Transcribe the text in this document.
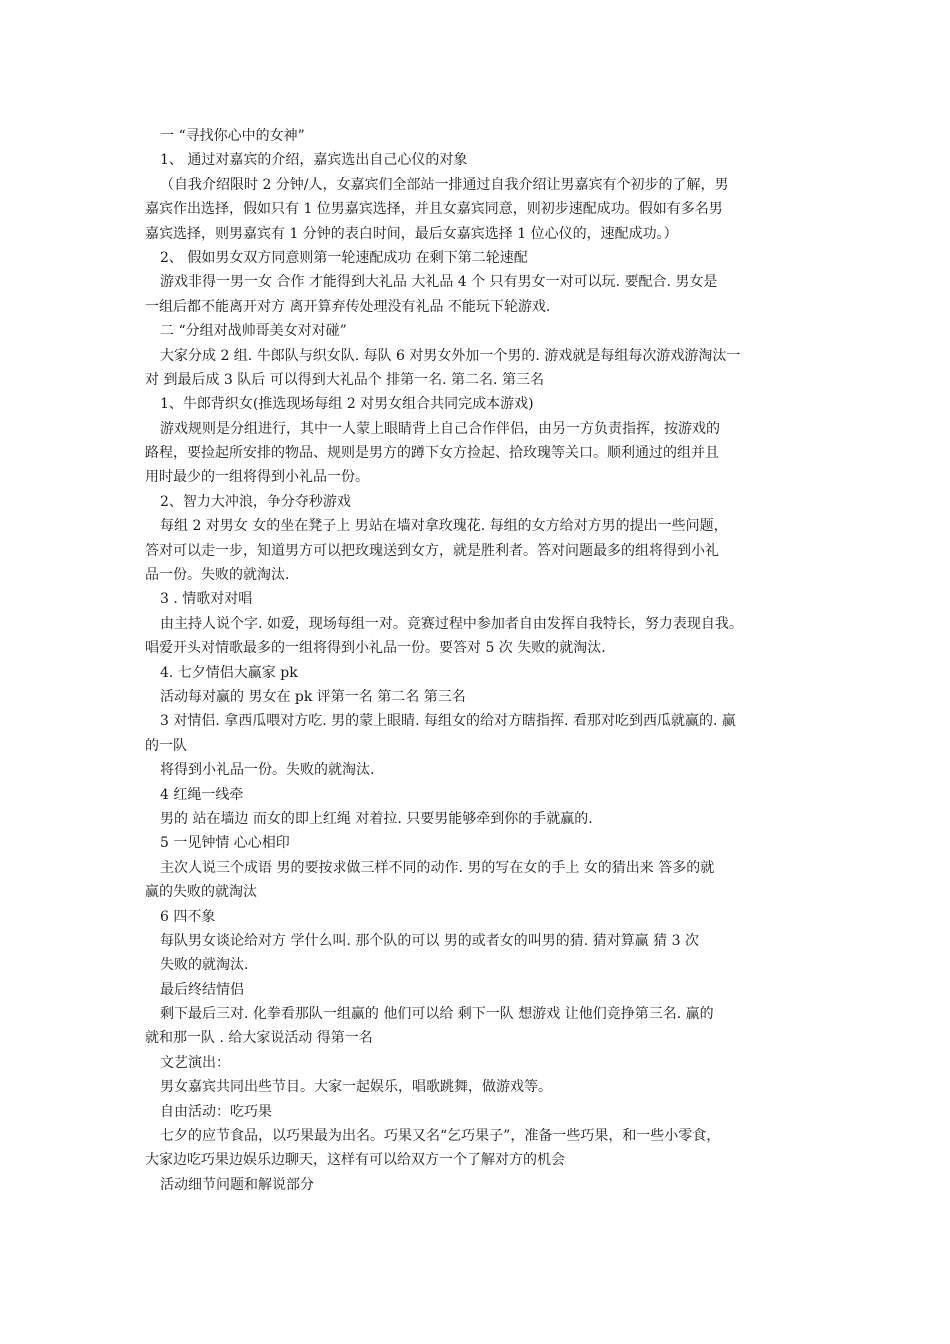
一 “寻找你心中的女神”
1、 通过对嘉宾的介绍，嘉宾选出自己心仪的对象
（自我介绍限时 2 分钟/人，女嘉宾们全部站一排通过自我介绍让男嘉宾有个初步的了解，男
嘉宾作出选择，假如只有 1 位男嘉宾选择，并且女嘉宾同意，则初步速配成功。假如有多名男
嘉宾选择，则男嘉宾有 1 分钟的表白时间，最后女嘉宾选择 1 位心仪的，速配成功。）
2、 假如男女双方同意则第一轮速配成功 在剩下第二轮速配
游戏非得一男一女 合作 才能得到大礼品 大礼品 4 个 只有男女一对可以玩. 要配合. 男女是
一组后都不能离开对方 离开算弃传处理没有礼品 不能玩下轮游戏.
二 “分组对战帅哥美女对对碰”
大家分成 2 组. 牛郎队与织女队. 每队 6 对男女外加一个男的. 游戏就是每组每次游戏游淘汰一
对 到最后成 3 队后 可以得到大礼品个 排第一名. 第二名. 第三名
1、牛郎背织女(推选现场每组 2 对男女组合共同完成本游戏)
游戏规则是分组进行，其中一人蒙上眼睛背上自己合作伴侣，由另一方负责指挥，按游戏的
路程，要捡起所安排的物品、规则是男方的蹲下女方捡起、拾玫瑰等关口。顺利通过的组并且
用时最少的一组将得到小礼品一份。
2、智力大冲浪，争分夺秒游戏
每组 2 对男女 女的坐在凳子上 男站在墙对拿玫瑰花. 每组的女方给对方男的提出一些问题，
答对可以走一步，知道男方可以把玫瑰送到女方，就是胜利者。答对问题最多的组将得到小礼
品一份。失败的就淘汰.
3 . 情歌对对唱
由主持人说个字. 如爱，现场每组一对。竞赛过程中参加者自由发挥自我特长，努力表现自我。
唱爱开头对情歌最多的一组将得到小礼品一份。要答对 5 次 失败的就淘汰.
4. 七夕情侣大赢家 pk
活动每对赢的 男女在 pk 评第一名 第二名 第三名
3 对情侣. 拿西瓜喂对方吃. 男的蒙上眼睛. 每组女的给对方瞎指挥. 看那对吃到西瓜就赢的. 赢
的一队
将得到小礼品一份。失败的就淘汰.
4 红绳一线牵
男的 站在墙边 而女的即上红绳 对着拉. 只要男能够牵到你的手就赢的.
5 一见钟情 心心相印
主次人说三个成语 男的要按求做三样不同的动作. 男的写在女的手上 女的猜出来 答多的就
赢的失败的就淘汰
6 四不象
每队男女谈论给对方 学什么叫. 那个队的可以 男的或者女的叫男的猜. 猜对算赢 猜 3 次
失败的就淘汰.
最后终结情侣
剩下最后三对. 化拳看那队一组赢的 他们可以给 剩下一队 想游戏 让他们竞挣第三名. 赢的
就和那一队 . 给大家说活动 得第一名
文艺演出：
男女嘉宾共同出些节目。大家一起娱乐，唱歌跳舞，做游戏等。
自由活动：吃巧果
七夕的应节食品，以巧果最为出名。巧果又名“乞巧果子”，准备一些巧果，和一些小零食，
大家边吃巧果边娱乐边聊天，这样有可以给双方一个了解对方的机会
活动细节问题和解说部分
